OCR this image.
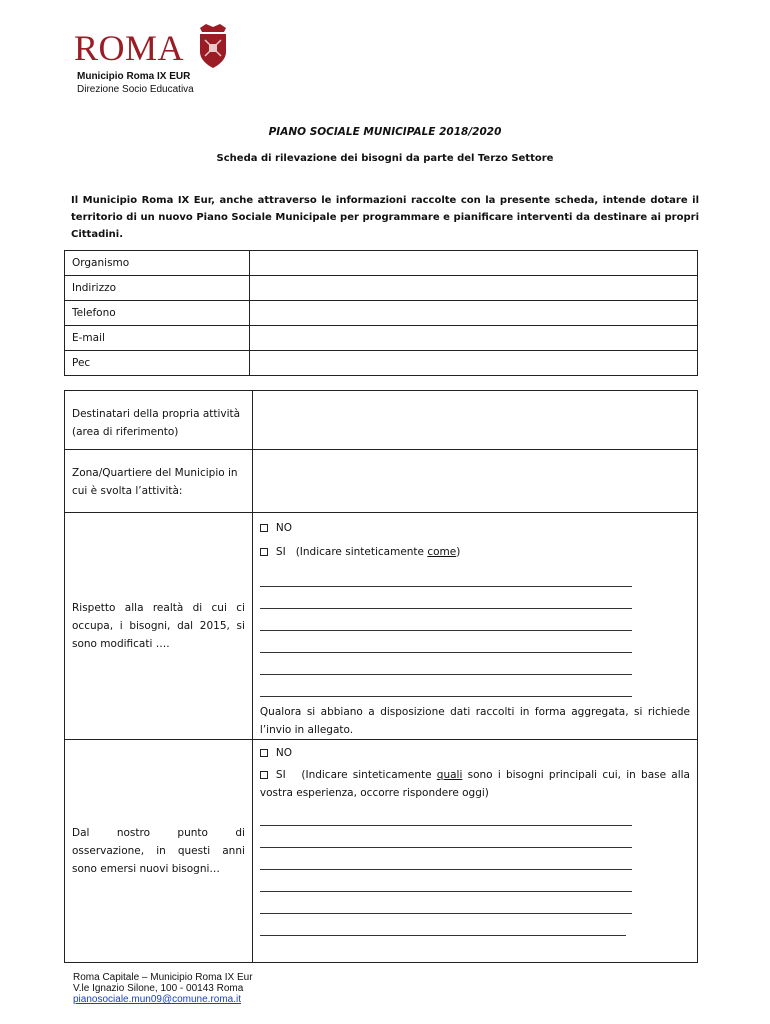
ROMA
Municipio Roma IX EUR
Direzione Socio Educativa
PIANO SOCIALE MUNICIPALE 2018/2020
Scheda di rilevazione dei bisogni da parte del Terzo Settore
Il Municipio Roma IX Eur, anche attraverso le informazioni raccolte con la presente scheda, intende dotare il territorio di un nuovo Piano Sociale Municipale per programmare e pianificare interventi da destinare ai propri Cittadini.
Organismo	
Indirizzo	
Telefono	
E-mail	
Pec	
Destinatari della propria attività (area di riferimento)	

Zona/Quartiere del Municipio in cui è svolta l’attività:	

Rispetto alla realtà di cui ci occupa, i bisogni, dal 2015, si sono modificati ….	NO
SI (Indicare sinteticamente come)
Qualora si abbiano a disposizione dati raccolti in forma aggregata, si richiede l’invio in allegato.

Dal nostro punto di osservazione, in questi anni sono emersi nuovi bisogni…	NO
SI (Indicare sinteticamente quali sono i bisogni principali cui, in base alla vostra esperienza, occorre rispondere oggi)
Roma Capitale – Municipio Roma IX Eur
V.le Ignazio Silone, 100 - 00143 Roma
pianosociale.mun09@comune.roma.it
